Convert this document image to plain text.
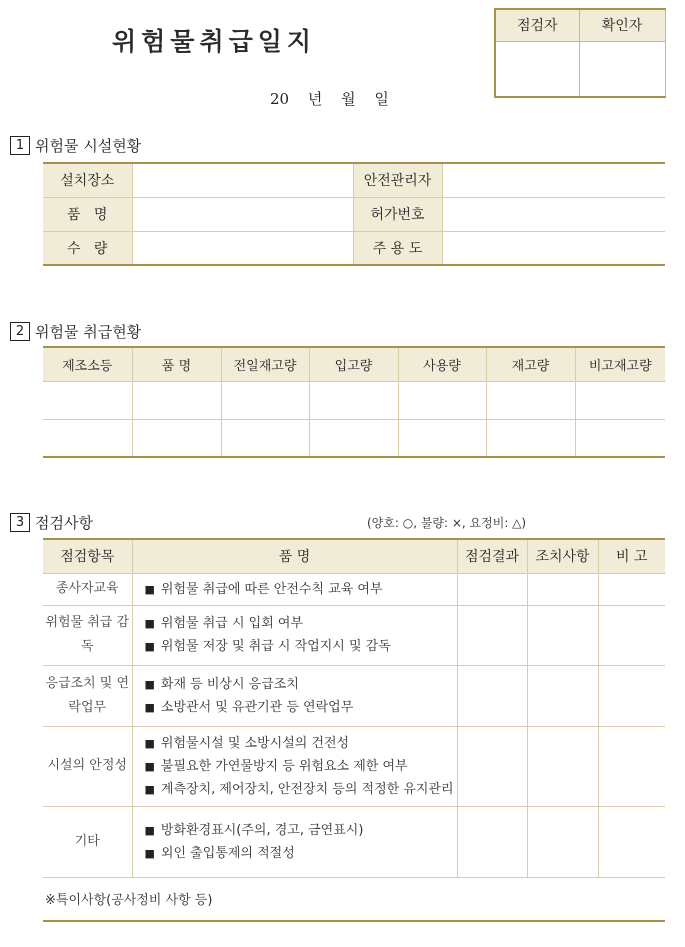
위험물취급일지
20 년 월 일
점검자	확인자

1 위험물 시설현황
설치장소		안전관리자	
품   명		허가번호	
수   량		주 용 도	
2 위험물 취급현황
제조소등	품 명	전일재고량	입고량	사용량	재고량	비고재고량

3 점검사항	(양호: ○, 불량: ×, 요정비: △)
점검항목	품 명	점검결과	조치사항	비 고
종사자교육	■ 위험물 취급에 따른 안전수칙 교육 여부

위험물 취급 감독	■ 위험물 취급 시 입회 여부
■ 위험물 저장 및 취급 시 작업지시 및 감독

응급조치 및 연락업무	■ 화재 등 비상시 응급조치
■ 소방관서 및 유관기관 등 연락업무

시설의 안정성	■ 위험물시설 및 소방시설의 건전성
■ 불필요한 가연물방지 등 위험요소 제한 여부
■ 계측장치, 제어장치, 안전장치 등의 적정한 유지관리

기타	■ 방화환경표시(주의, 경고, 금연표시)
■ 외인 출입통제의 적절성

※특이사항(공사정비 사항 등)				
